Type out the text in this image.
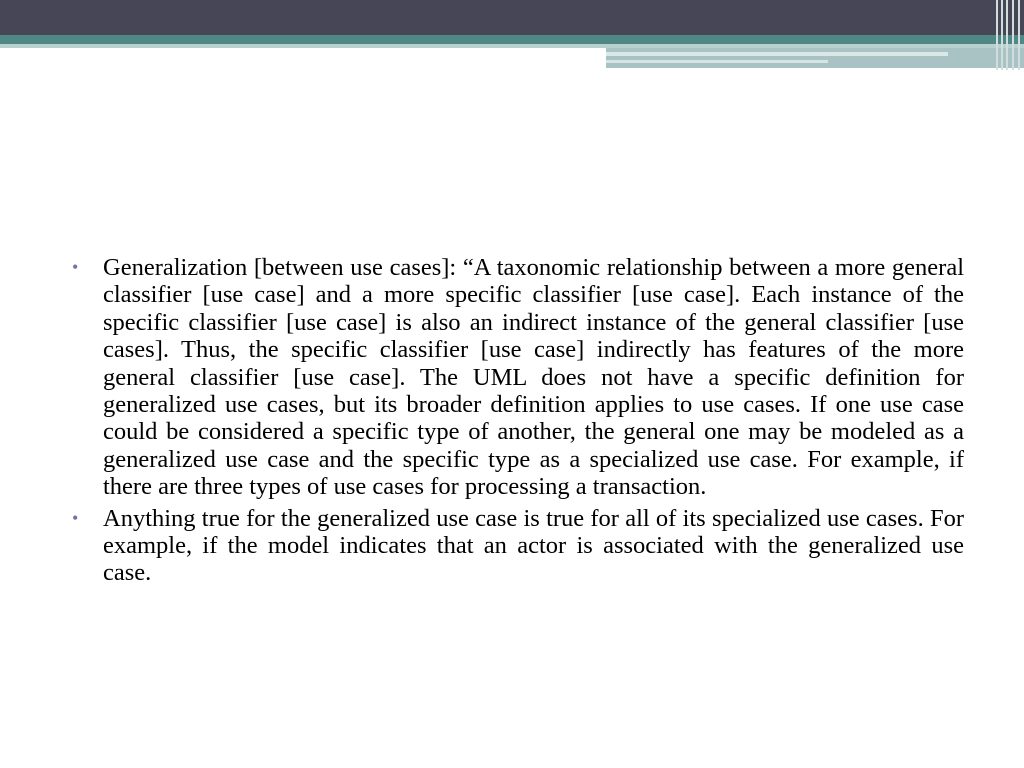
•	Generalization [between use cases]: “A taxonomic relationship between a more general classifier [use case] and a more specific classifier [use case]. Each instance of the specific classifier [use case] is also an indirect instance of the general classifier [use cases]. Thus, the specific classifier [use case] indirectly has features of the more general classifier [use case]. The UML does not have a specific definition for generalized use cases, but its broader definition applies to use cases. If one use case could be considered a specific type of another, the general one may be modeled as a generalized use case and the specific type as a specialized use case. For example, if there are three types of use cases for processing a transaction.
•	Anything true for the generalized use case is true for all of its specialized use cases. For example, if the model indicates that an actor is associated with the generalized use case.
